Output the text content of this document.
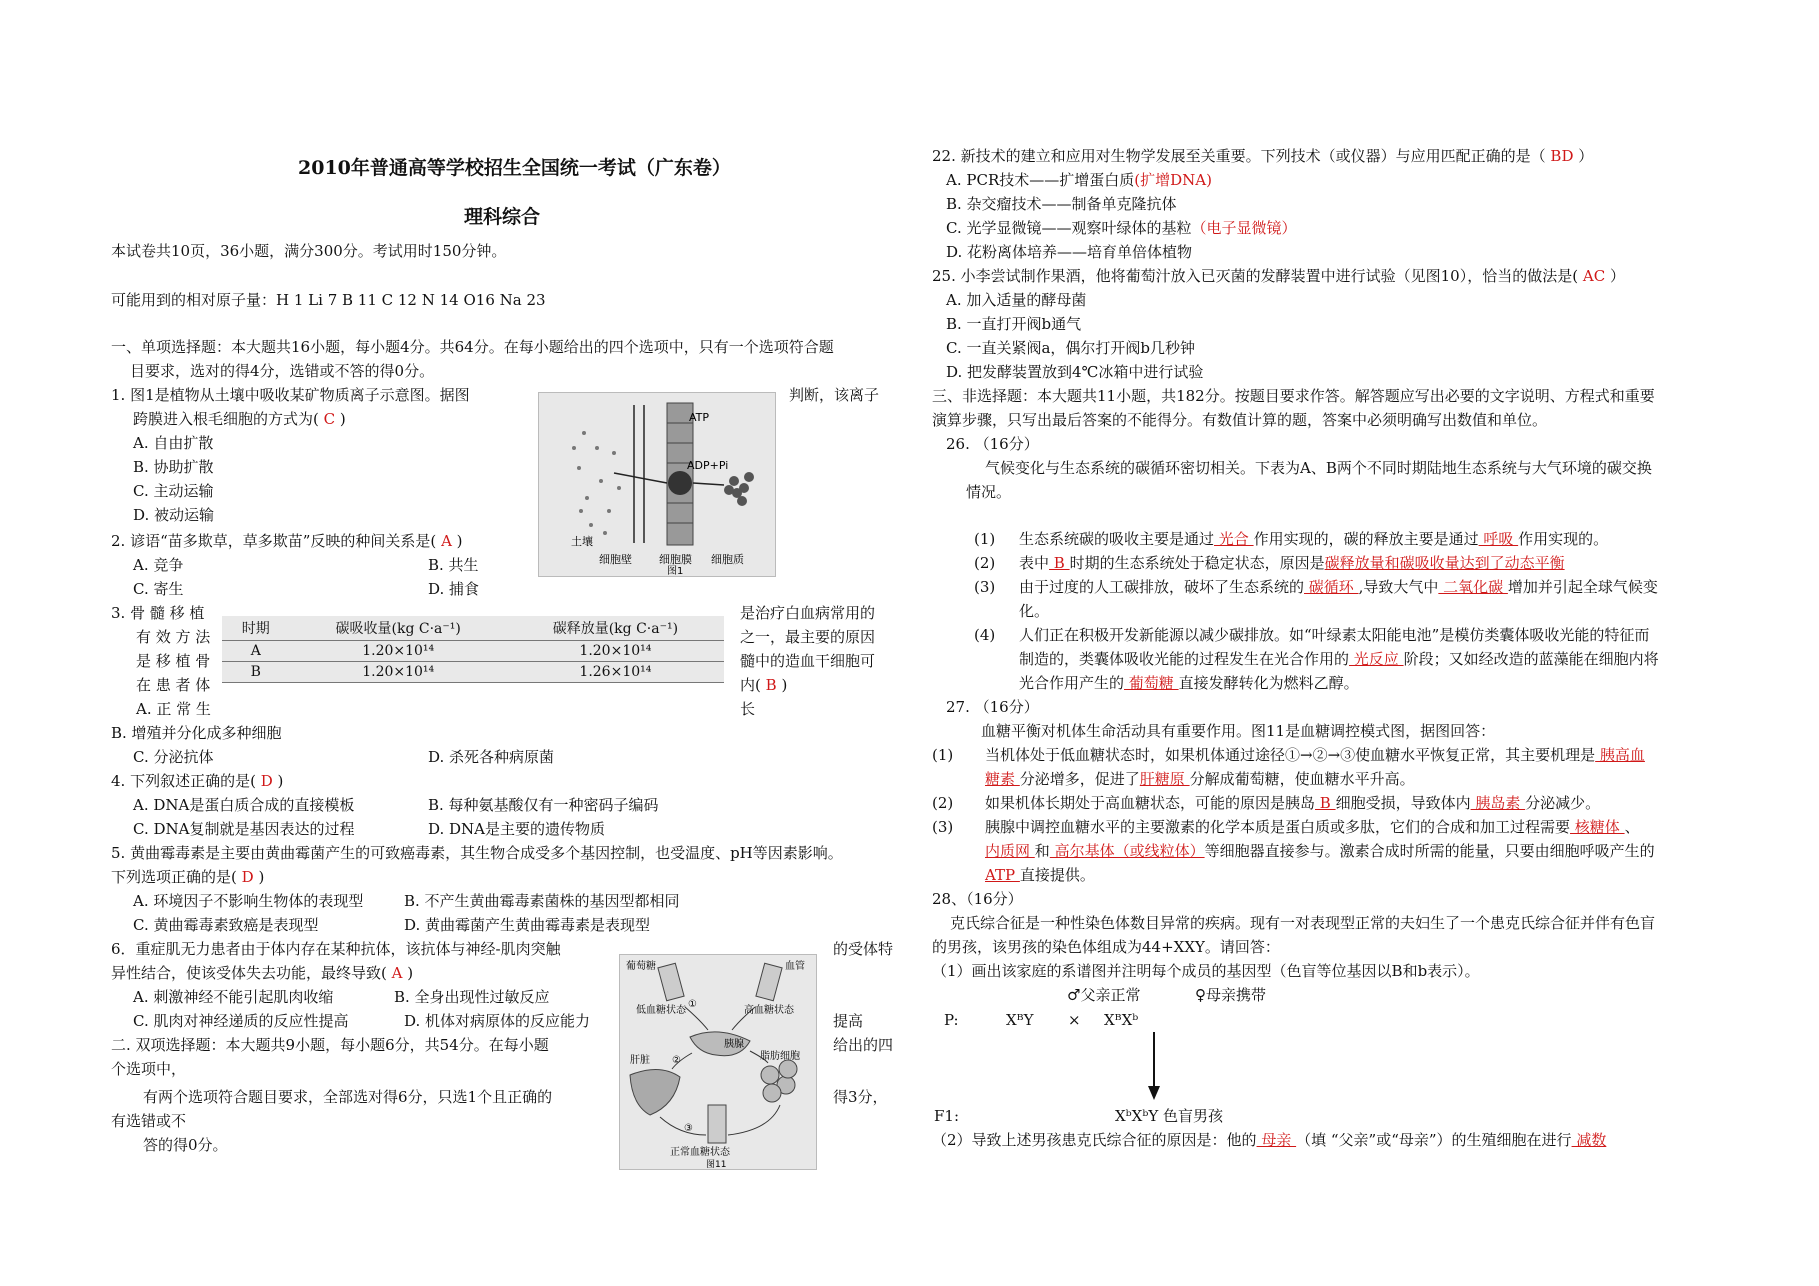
2010年普通高等学校招生全国统一考试（广东卷）
理科综合
本试卷共10页，36小题，满分300分。考试用时150分钟。
可能用到的相对原子量：H 1 Li 7 B 11 C 12 N 14 O16 Na 23
一、单项选择题：本大题共16小题，每小题4分。共64分。在每小题给出的四个选项中，只有一个选项符合题
目要求，选对的得4分，选错或不答的得0分。
1. 图1是植物从土壤中吸收某矿物质离子示意图。据图	判断，该离子
跨膜进入根毛细胞的方式为( C )
A. 自由扩散
B. 协助扩散
C. 主动运输
D. 被动运输
ATP
ADP+Pi
土壤
细胞壁 细胞膜 细胞质
图1
2. 谚语“苗多欺草，草多欺苗”反映的种间关系是( A )
A. 竞争	B. 共生
C. 寄生	D. 捕食
3. 骨 髓 移 植
有 效 方 法
是 移 植 骨
在 患 者 体
A. 正 常 生
是治疗白血病常用的
之一，最主要的原因
髓中的造血干细胞可
内( B )
长
时期	碳吸收量(kg C·a⁻¹)	碳释放量(kg C·a⁻¹)
A	1.20×10¹⁴	1.20×10¹⁴
B	1.20×10¹⁴	1.26×10¹⁴
B. 增殖并分化成多种细胞
C. 分泌抗体	D. 杀死各种病原菌
4. 下列叙述正确的是( D )
A. DNA是蛋白质合成的直接模板	B. 每种氨基酸仅有一种密码子编码
C. DNA复制就是基因表达的过程	D. DNA是主要的遗传物质
5. 黄曲霉毒素是主要由黄曲霉菌产生的可致癌毒素，其生物合成受多个基因控制，也受温度、pH等因素影响。
下列选项正确的是( D )
A. 环境因子不影响生物体的表现型	B. 不产生黄曲霉毒素菌株的基因型都相同
C. 黄曲霉毒素致癌是表现型	D. 黄曲霉菌产生黄曲霉毒素是表现型
6．重症肌无力患者由于体内存在某种抗体，该抗体与神经-肌肉突触	的受体特
异性结合，使该受体失去功能，最终导致( A )
A. 刺激神经不能引起肌肉收缩	B. 全身出现性过敏反应
C. 肌肉对神经递质的反应性提高	D. 机体对病原体的反应能力	提高
二. 双项选择题：本大题共9小题，每小题6分，共54分。在每小题	给出的四
个选项中，
有两个选项符合题目要求，全部选对得6分，只选1个且正确的	得3分，
有选错或不
答的得0分。
葡萄糖	血管
低血糖状态	高血糖状态
胰腺
肝脏	脂肪细胞
①
②
③
正常血糖状态
图11
22. 新技术的建立和应用对生物学发展至关重要。下列技术（或仪器）与应用匹配正确的是（ BD ）
A. PCR技术——扩增蛋白质(扩增DNA)
B. 杂交瘤技术——制备单克隆抗体
C. 光学显微镜——观察叶绿体的基粒（电子显微镜）
D. 花粉离体培养——培育单倍体植物
25. 小李尝试制作果酒，他将葡萄汁放入已灭菌的发酵装置中进行试验（见图10），恰当的做法是( AC ）
A. 加入适量的酵母菌
B. 一直打开阀b通气
C. 一直关紧阀a，偶尔打开阀b几秒钟
D. 把发酵装置放到4℃冰箱中进行试验
三、非选择题：本大题共11小题，共182分。按题目要求作答。解答题应写出必要的文字说明、方程式和重要
演算步骤，只写出最后答案的不能得分。有数值计算的题，答案中必须明确写出数值和单位。
26. （16分）
气候变化与生态系统的碳循环密切相关。下表为A、B两个不同时期陆地生态系统与大气环境的碳交换
情况。
(1) 生态系统碳的吸收主要是通过 光合 作用实现的，碳的释放主要是通过 呼吸 作用实现的。
(2) 表中 B 时期的生态系统处于稳定状态，原因是碳释放量和碳吸收量达到了动态平衡
(3) 由于过度的人工碳排放，破坏了生态系统的 碳循环 ,导致大气中 二氧化碳 增加并引起全球气候变
化。
(4) 人们正在积极开发新能源以减少碳排放。如“叶绿素太阳能电池”是模仿类囊体吸收光能的特征而
制造的，类囊体吸收光能的过程发生在光合作用的 光反应 阶段；又如经改造的蓝藻能在细胞内将
光合作用产生的 葡萄糖 直接发酵转化为燃料乙醇。
27. （16分）
血糖平衡对机体生命活动具有重要作用。图11是血糖调控模式图，据图回答：
(1) 当机体处于低血糖状态时，如果机体通过途径①→②→③使血糖水平恢复正常，其主要机理是 胰高血
糖素 分泌增多，促进了肝糖原 分解成葡萄糖，使血糖水平升高。
(2) 如果机体长期处于高血糖状态，可能的原因是胰岛 B 细胞受损，导致体内 胰岛素 分泌减少。
(3) 胰腺中调控血糖水平的主要激素的化学本质是蛋白质或多肽，它们的合成和加工过程需要 核糖体 、
内质网 和 高尔基体（或线粒体）等细胞器直接参与。激素合成时所需的能量，只要由细胞呼吸产生的
ATP 直接提供。
28、（16分）
克氏综合征是一种性染色体数目异常的疾病。现有一对表现型正常的夫妇生了一个患克氏综合征并伴有色盲
的男孩，该男孩的染色体组成为44+XXY。请回答：
（1）画出该家庭的系谱图并注明每个成员的基因型（色盲等位基因以B和b表示）。
♂父亲正常	♀母亲携带
P:	XᴮY × XᴮXᵇ
F1:	XᵇXᵇY 色盲男孩
（2）导致上述男孩患克氏综合征的原因是：他的 母亲 （填 “父亲”或“母亲”）的生殖细胞在进行 减数
